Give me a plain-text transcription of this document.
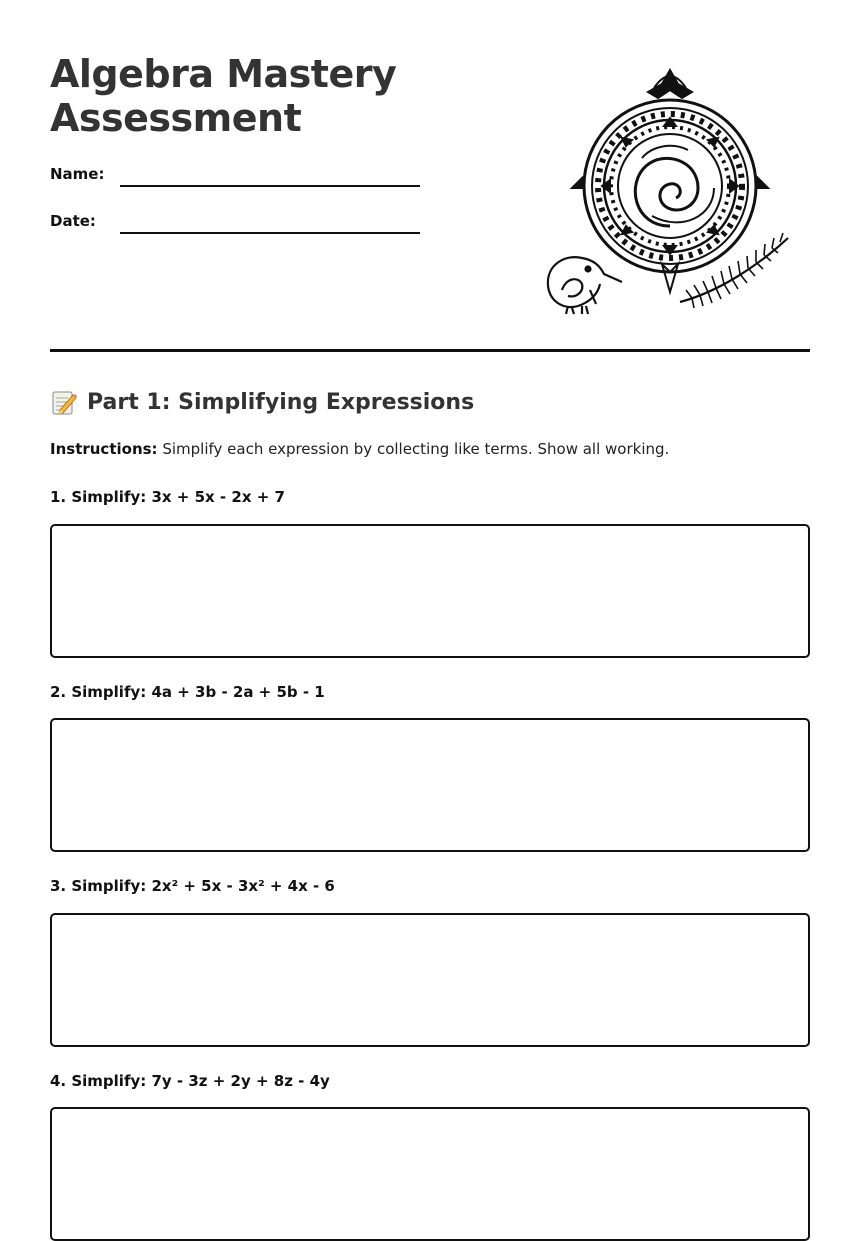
Algebra Mastery
Assessment
Name:
Date:
Part 1: Simplifying Expressions

Instructions: Simplify each expression by collecting like terms. Show all working.

1. Simplify: 3x + 5x - 2x + 7

2. Simplify: 4a + 3b - 2a + 5b - 1

3. Simplify: 2x² + 5x - 3x² + 4x - 6

4. Simplify: 7y - 3z + 2y + 8z - 4y
